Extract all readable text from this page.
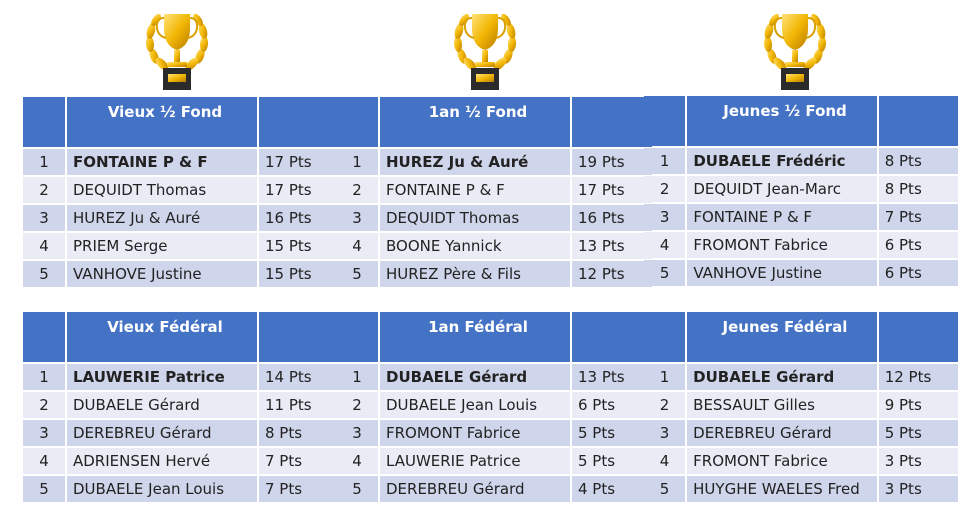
	Vieux ½ Fond	
1	FONTAINE P & F	17 Pts
2	DEQUIDT Thomas	17 Pts
3	HUREZ Ju & Auré	16 Pts
4	PRIEM Serge	15 Pts
5	VANHOVE Justine	15 Pts
	1an ½ Fond	
1	HUREZ Ju & Auré	19 Pts
2	FONTAINE P & F	17 Pts
3	DEQUIDT Thomas	16 Pts
4	BOONE Yannick	13 Pts
5	HUREZ Père & Fils	12 Pts
	Jeunes ½ Fond	
1	DUBAELE Frédéric	8 Pts
2	DEQUIDT Jean-Marc	8 Pts
3	FONTAINE P & F	7 Pts
4	FROMONT Fabrice	6 Pts
5	VANHOVE Justine	6 Pts
	Vieux Fédéral	
1	LAUWERIE Patrice	14 Pts
2	DUBAELE Gérard	11 Pts
3	DEREBREU Gérard	8 Pts
4	ADRIENSEN Hervé	7 Pts
5	DUBAELE Jean Louis	7 Pts
	1an Fédéral	
1	DUBAELE Gérard	13 Pts
2	DUBAELE Jean Louis	6 Pts
3	FROMONT Fabrice	5 Pts
4	LAUWERIE Patrice	5 Pts
5	DEREBREU Gérard	4 Pts
	Jeunes Fédéral	
1	DUBAELE Gérard	12 Pts
2	BESSAULT Gilles	9 Pts
3	DEREBREU Gérard	5 Pts
4	FROMONT Fabrice	3 Pts
5	HUYGHE WAELES Fred	3 Pts
